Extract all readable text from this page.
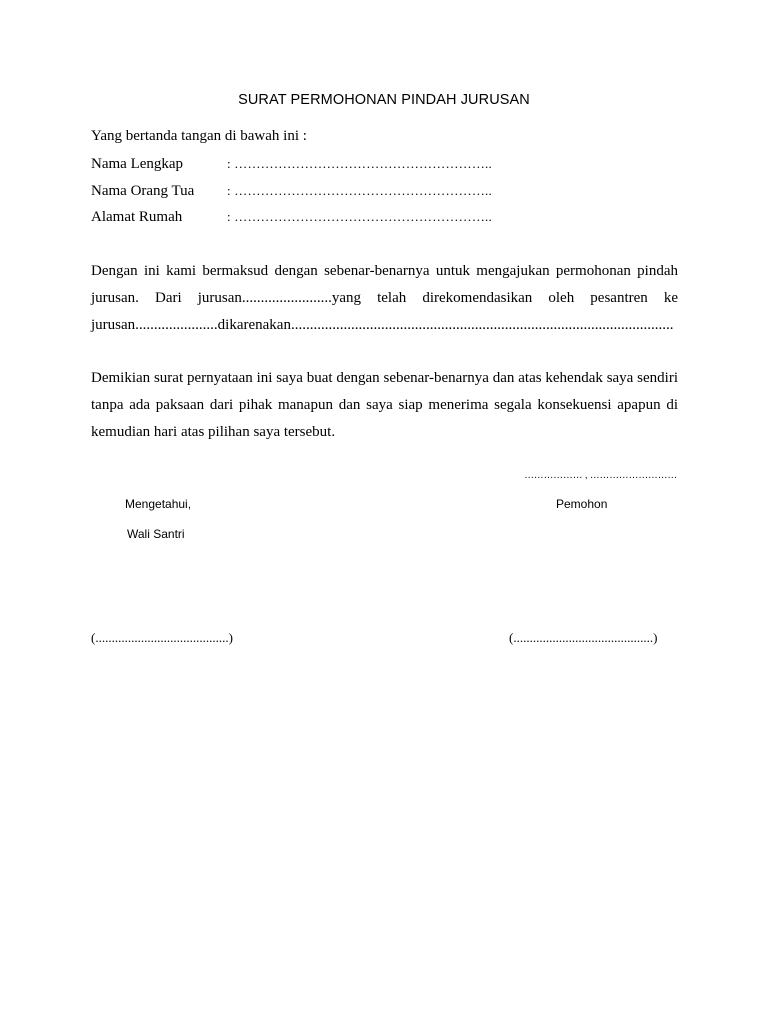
SURAT PERMOHONAN PINDAH JURUSAN
Yang bertanda tangan di bawah ini :
Nama Lengkap	: …………………………………………………..
Nama Orang Tua	: …………………………………………………..
Alamat Rumah	: …………………………………………………..
Dengan ini kami bermaksud dengan sebenar-benarnya untuk mengajukan permohonan pindah
jurusan. Dari jurusan........................yang telah direkomendasikan oleh pesantren ke
jurusan......................dikarenakan......................................................................................................
Demikian surat pernyataan ini saya buat dengan sebenar-benarnya dan atas kehendak saya sendiri
tanpa ada paksaan dari pihak manapun dan saya siap menerima segala konsekuensi apapun di
kemudian hari atas pilihan saya tersebut.
……………… , ………………………
Mengetahui,
Wali Santri
Pemohon
(.........................................)	(...........................................)
